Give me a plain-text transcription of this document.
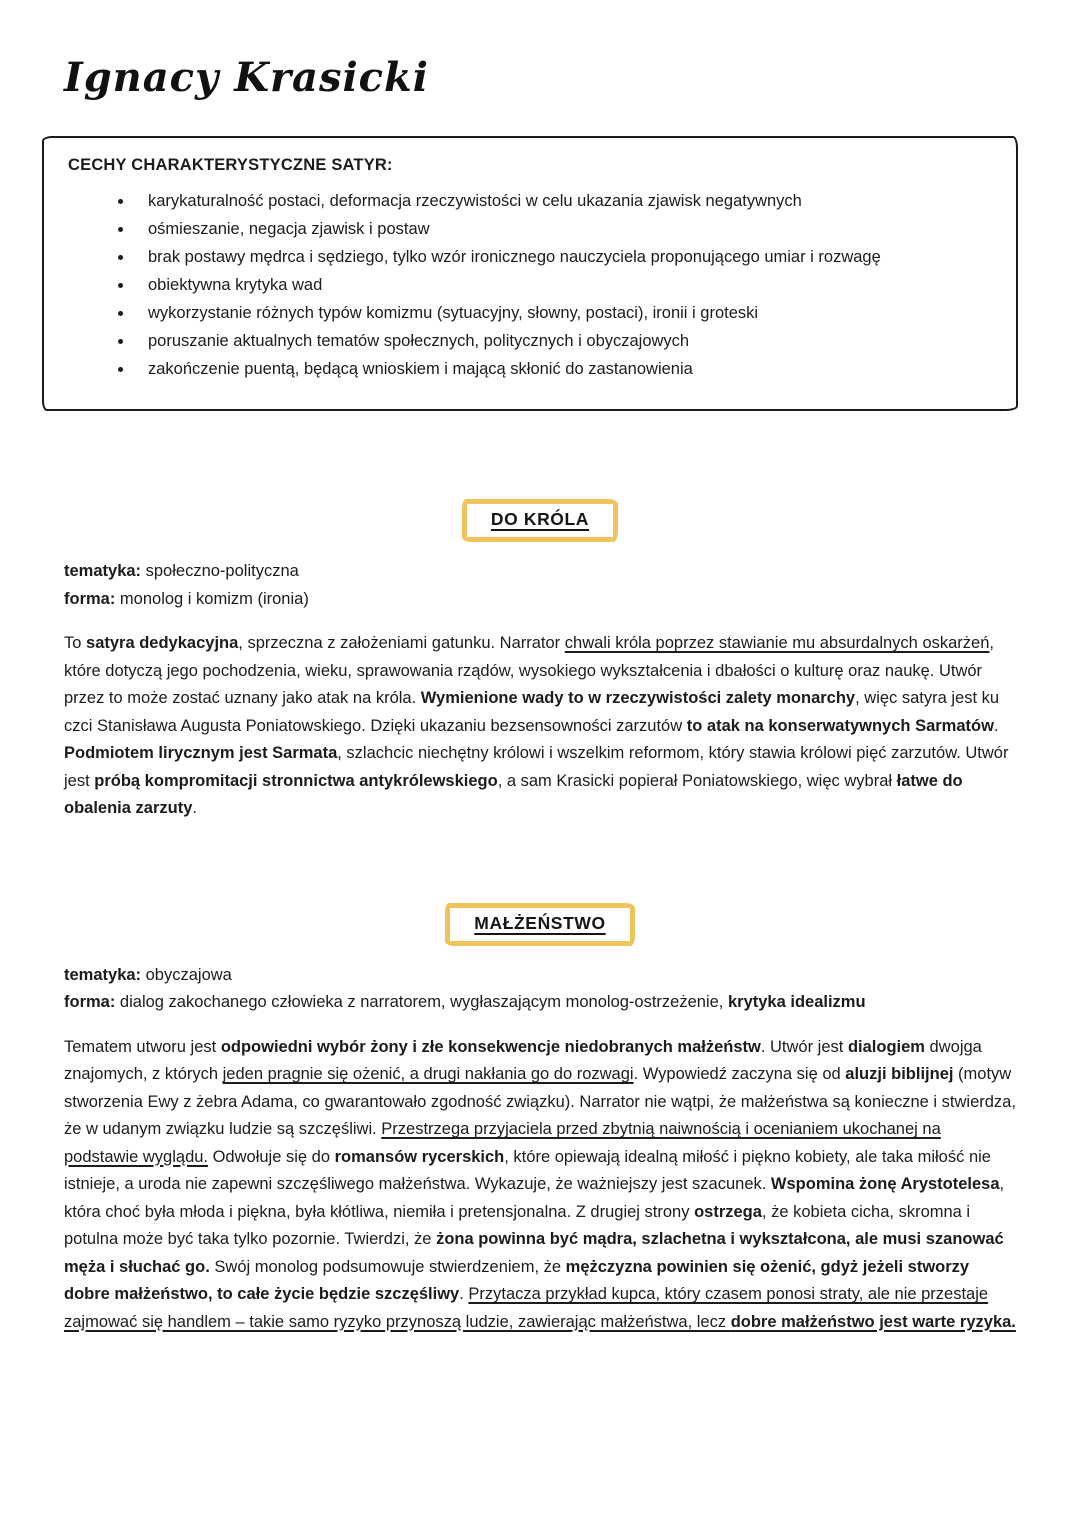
Ignacy Krasicki
CECHY CHARAKTERYSTYCZNE SATYR:
• karykaturalność postaci, deformacja rzeczywistości w celu ukazania zjawisk negatywnych
• ośmieszanie, negacja zjawisk i postaw
• brak postawy mędrca i sędziego, tylko wzór ironicznego nauczyciela proponującego umiar i rozwagę
• obiektywna krytyka wad
• wykorzystanie różnych typów komizmu (sytuacyjny, słowny, postaci), ironii i groteski
• poruszanie aktualnych tematów społecznych, politycznych i obyczajowych
• zakończenie puentą, będącą wnioskiem i mającą skłonić do zastanowienia
DO KRÓLA

tematyka: społeczno-polityczna

forma: monolog i komizm (ironia)

To satyra dedykacyjna, sprzeczna z założeniami gatunku. Narrator chwali króla poprzez stawianie mu absurdalnych oskarżeń, które dotyczą jego pochodzenia, wieku, sprawowania rządów, wysokiego wykształcenia i dbałości o kulturę oraz naukę. Utwór przez to może zostać uznany jako atak na króla. Wymienione wady to w rzeczywistości zalety monarchy, więc satyra jest ku czci Stanisława Augusta Poniatowskiego. Dzięki ukazaniu bezsensowności zarzutów to atak na konserwatywnych Sarmatów. Podmiotem lirycznym jest Sarmata, szlachcic niechętny królowi i wszelkim reformom, który stawia królowi pięć zarzutów. Utwór jest próbą kompromitacji stronnictwa antykrólewskiego, a sam Krasicki popierał Poniatowskiego, więc wybrał łatwe do obalenia zarzuty.

MAŁŻEŃSTWO

tematyka: obyczajowa

forma: dialog zakochanego człowieka z narratorem, wygłaszającym monolog-ostrzeżenie, krytyka idealizmu

Tematem utworu jest odpowiedni wybór żony i złe konsekwencje niedobranych małżeństw. Utwór jest dialogiem dwojga znajomych, z których jeden pragnie się ożenić, a drugi nakłania go do rozwagi. Wypowiedź zaczyna się od aluzji biblijnej (motyw stworzenia Ewy z żebra Adama, co gwarantowało zgodność związku). Narrator nie wątpi, że małżeństwa są konieczne i stwierdza, że w udanym związku ludzie są szczęśliwi. Przestrzega przyjaciela przed zbytnią naiwnością i ocenianiem ukochanej na podstawie wyglądu. Odwołuje się do romansów rycerskich, które opiewają idealną miłość i piękno kobiety, ale taka miłość nie istnieje, a uroda nie zapewni szczęśliwego małżeństwa. Wykazuje, że ważniejszy jest szacunek. Wspomina żonę Arystotelesa, która choć była młoda i piękna, była kłótliwa, niemiła i pretensjonalna. Z drugiej strony ostrzega, że kobieta cicha, skromna i potulna może być taka tylko pozornie. Twierdzi, że żona powinna być mądra, szlachetna i wykształcona, ale musi szanować męża i słuchać go. Swój monolog podsumowuje stwierdzeniem, że mężczyzna powinien się ożenić, gdyż jeżeli stworzy dobre małżeństwo, to całe życie będzie szczęśliwy. Przytacza przykład kupca, który czasem ponosi straty, ale nie przestaje zajmować się handlem – takie samo ryzyko przynoszą ludzie, zawierając małżeństwa, lecz dobre małżeństwo jest warte ryzyka.
